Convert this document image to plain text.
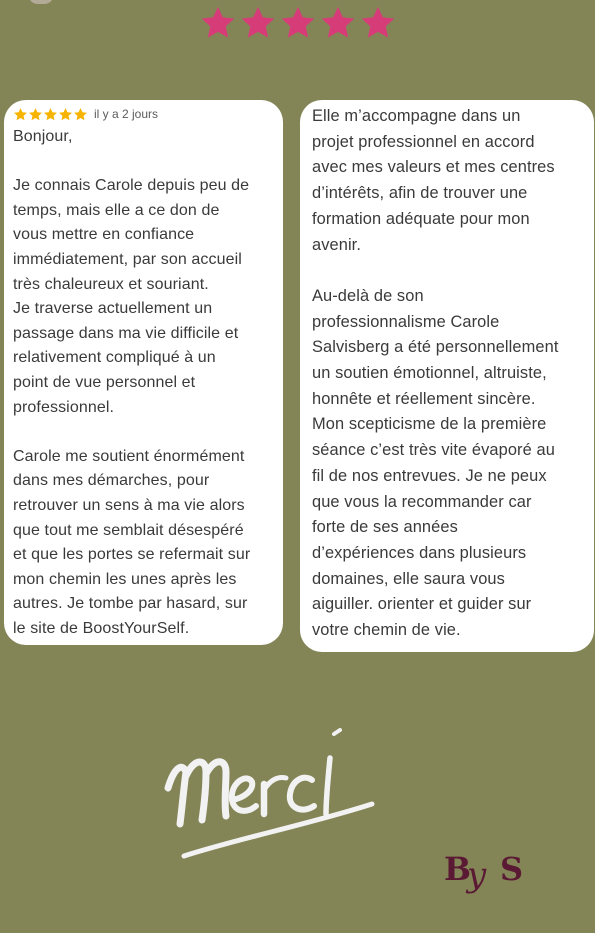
il y a 2 jours

Bonjour,

Je connais Carole depuis peu de
temps, mais elle a ce don de
vous mettre en confiance
immédiatement, par son accueil
très chaleureux et souriant.
Je traverse actuellement un
passage dans ma vie difficile et
relativement compliqué à un
point de vue personnel et
professionnel.

Carole me soutient énormément
dans mes démarches, pour
retrouver un sens à ma vie alors
que tout me semblait désespéré
et que les portes se refermait sur
mon chemin les unes après les
autres. Je tombe par hasard, sur
le site de BoostYourSelf.

Elle m’accompagne dans un
projet professionnel en accord
avec mes valeurs et mes centres
d’intérêts, afin de trouver une
formation adéquate pour mon
avenir.

Au-delà de son
professionnalisme Carole
Salvisberg a été personnellement
un soutien émotionnel, altruiste,
honnête et réellement sincère.
Mon scepticisme de la première
séance c’est très vite évaporé au
fil de nos entrevues. Je ne peux
que vous la recommander car
forte de ses années
d’expériences dans plusieurs
domaines, elle saura vous
aiguiller. orienter et guider sur
votre chemin de vie.

B
y S
